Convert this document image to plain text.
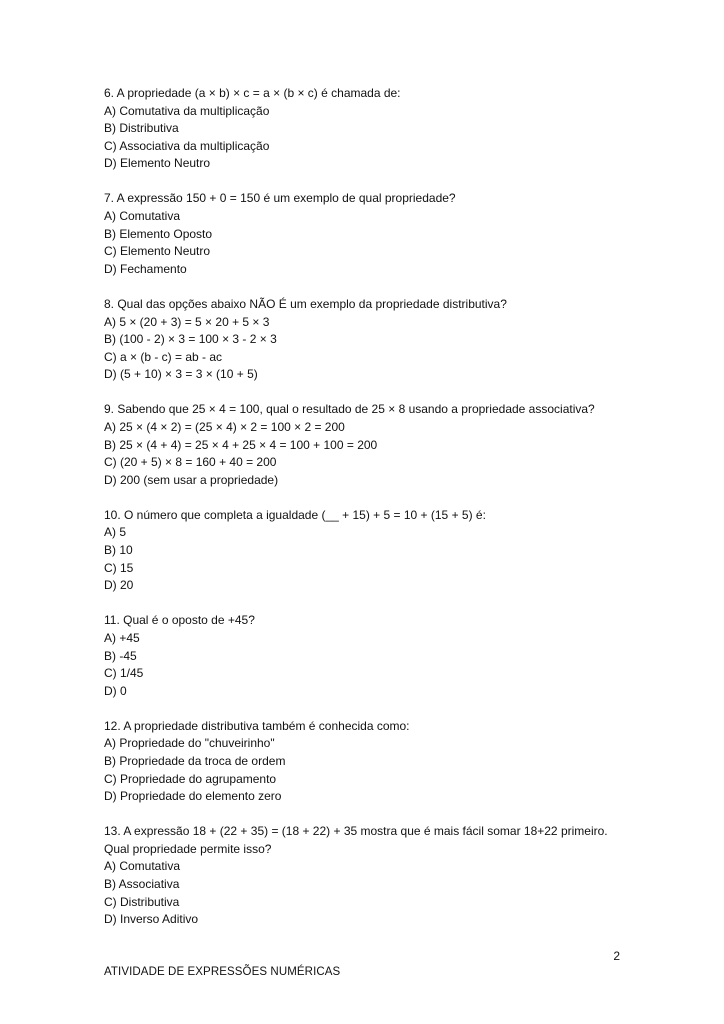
6. A propriedade (a × b) × c = a × (b × c) é chamada de:
A) Comutativa da multiplicação
B) Distributiva
C) Associativa da multiplicação
D) Elemento Neutro
7. A expressão 150 + 0 = 150 é um exemplo de qual propriedade?
A) Comutativa
B) Elemento Oposto
C) Elemento Neutro
D) Fechamento
8. Qual das opções abaixo NÃO É um exemplo da propriedade distributiva?
A) 5 × (20 + 3) = 5 × 20 + 5 × 3
B) (100 - 2) × 3 = 100 × 3 - 2 × 3
C) a × (b - c) = ab - ac
D) (5 + 10) × 3 = 3 × (10 + 5)
9. Sabendo que 25 × 4 = 100, qual o resultado de 25 × 8 usando a propriedade associativa?
A) 25 × (4 × 2) = (25 × 4) × 2 = 100 × 2 = 200
B) 25 × (4 + 4) = 25 × 4 + 25 × 4 = 100 + 100 = 200
C) (20 + 5) × 8 = 160 + 40 = 200
D) 200 (sem usar a propriedade)
10. O número que completa a igualdade (__ + 15) + 5 = 10 + (15 + 5) é:
A) 5
B) 10
C) 15
D) 20
11. Qual é o oposto de +45?
A) +45
B) -45
C) 1/45
D) 0
12. A propriedade distributiva também é conhecida como:
A) Propriedade do "chuveirinho"
B) Propriedade da troca de ordem
C) Propriedade do agrupamento
D) Propriedade do elemento zero
13. A expressão 18 + (22 + 35) = (18 + 22) + 35 mostra que é mais fácil somar 18+22 primeiro.
Qual propriedade permite isso?
A) Comutativa
B) Associativa
C) Distributiva
D) Inverso Aditivo
2
ATIVIDADE DE EXPRESSÕES NUMÉRICAS
